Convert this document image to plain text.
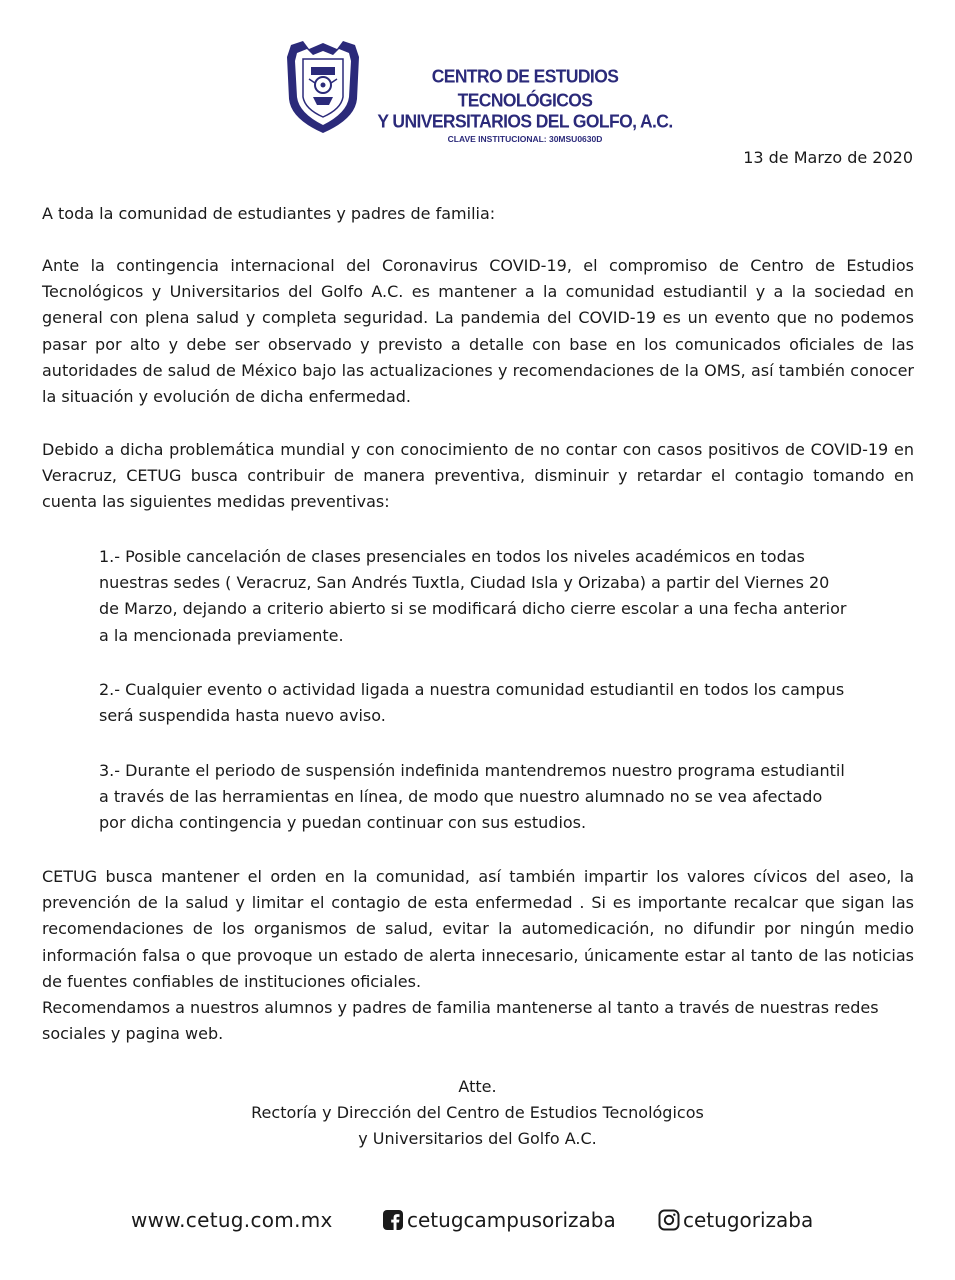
CENTRO DE ESTUDIOS TECNOLÓGICOS
Y UNIVERSITARIOS DEL GOLFO, A.C.
CLAVE INSTITUCIONAL: 30MSU0630D
13 de Marzo de 2020
A toda la comunidad de estudiantes y padres de familia:

Ante la contingencia internacional del Coronavirus COVID-19, el compromiso de Centro de Estudios Tecnológicos y Universitarios del Golfo A.C. es mantener a la comunidad estudiantil y a la sociedad en general con plena salud y completa seguridad. La pandemia del COVID-19 es un evento que no podemos pasar por alto y debe ser observado y previsto a detalle con base en los comunicados oficiales de las autoridades de salud de México bajo las actualizaciones y recomendaciones de la OMS, así también conocer la situación y evolución de dicha enfermedad.

Debido a dicha problemática mundial y con conocimiento de no contar con casos positivos de COVID-19 en Veracruz, CETUG busca contribuir de manera preventiva, disminuir y retardar el contagio tomando en cuenta las siguientes medidas preventivas:

1.- Posible cancelación de clases presenciales en todos los niveles académicos en todas
nuestras sedes ( Veracruz, San Andrés Tuxtla, Ciudad Isla y Orizaba) a partir del Viernes 20
de Marzo, dejando a criterio abierto si se modificará dicho cierre escolar a una fecha anterior
a la mencionada previamente.
2.- Cualquier evento o actividad ligada a nuestra comunidad estudiantil en todos los campus
será suspendida hasta nuevo aviso.
3.- Durante el periodo de suspensión indefinida mantendremos nuestro programa estudiantil
a través de las herramientas en línea, de modo que nuestro alumnado no se vea afectado
por dicha contingencia y puedan continuar con sus estudios.

CETUG busca mantener el orden en la comunidad, así también impartir los valores cívicos del aseo, la prevención de la salud y limitar el contagio de esta enfermedad . Si es importante recalcar que sigan las recomendaciones de los organismos de salud, evitar la automedicación, no difundir por ningún medio información falsa o que provoque un estado de alerta innecesario, únicamente estar al tanto de las noticias de fuentes confiables de instituciones oficiales.

Recomendamos a nuestros alumnos y padres de familia mantenerse al tanto a través de nuestras redes sociales y pagina web.

Atte.
Rectoría y Dirección del Centro de Estudios Tecnológicos
y Universitarios del Golfo A.C.
www.cetug.com.mx	cetugcampusorizaba	cetugorizaba
